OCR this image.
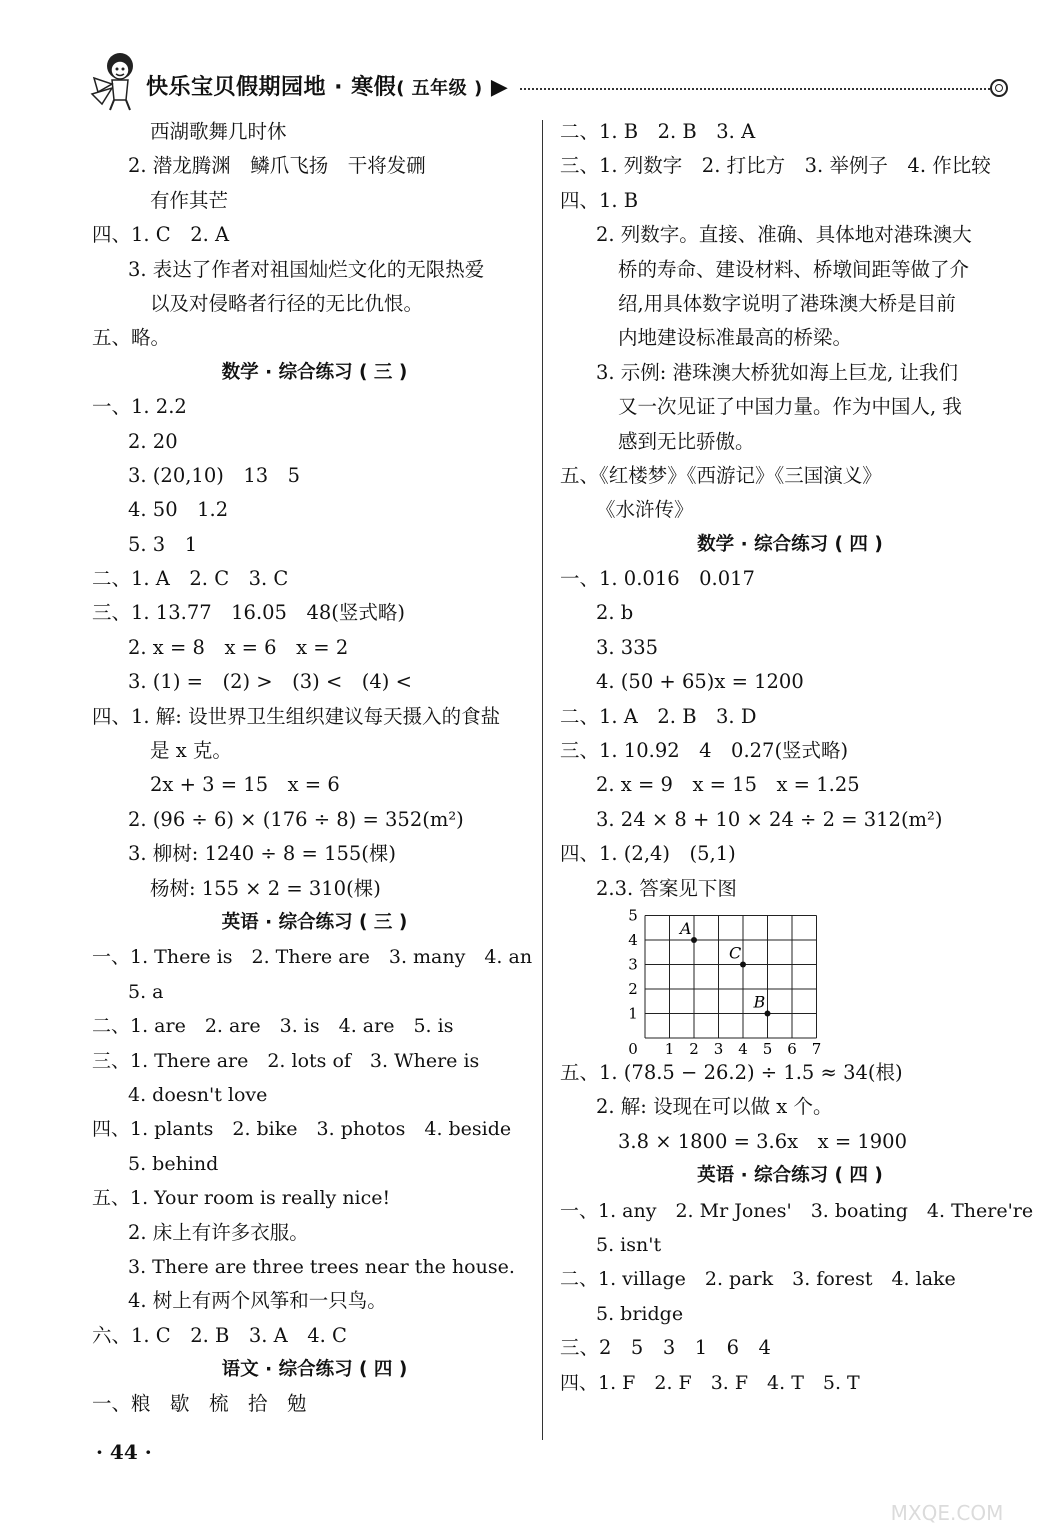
快乐宝贝假期园地 · 寒假( 五年级 ) ▶
西湖歌舞几时休
2. 潜龙腾渊　鳞爪飞扬　干将发硎
有作其芒
四、1. C　2. A
3. 表达了作者对祖国灿烂文化的无限热爱
以及对侵略者行径的无比仇恨。
五、略。
数学 · 综合练习 ( 三 )
一、1. 2.2
2. 20
3. (20,10)　13　5
4. 50　1.2
5. 3　1
二、1. A　2. C　3. C
三、1. 13.77　16.05　48(竖式略)
2. x = 8　x = 6　x = 2
3. (1) =　(2) >　(3) <　(4) <
四、1. 解: 设世界卫生组织建议每天摄入的食盐
是 x 克。
2x + 3 = 15　x = 6
2. (96 ÷ 6) × (176 ÷ 8) = 352(m²)
3. 柳树: 1240 ÷ 8 = 155(棵)
杨树: 155 × 2 = 310(棵)
英语 · 综合练习 ( 三 )
一、1. There is　2. There are　3. many　4. an
5. a
二、1. are　2. are　3. is　4. are　5. is
三、1. There are　2. lots of　3. Where is
4. doesn't love
四、1. plants　2. bike　3. photos　4. beside
5. behind
五、1. Your room is really nice!
2. 床上有许多衣服。
3. There are three trees near the house.
4. 树上有两个风筝和一只鸟。
六、1. C　2. B　3. A　4. C
语文 · 综合练习 ( 四 )
一、粮　歇　梳　拾　勉
二、1. B　2. B　3. A
三、1. 列数字　2. 打比方　3. 举例子　4. 作比较
四、1. B
2. 列数字。直接、准确、具体地对港珠澳大
桥的寿命、建设材料、桥墩间距等做了介
绍,用具体数字说明了港珠澳大桥是目前
内地建设标准最高的桥梁。
3. 示例: 港珠澳大桥犹如海上巨龙, 让我们
又一次见证了中国力量。作为中国人, 我
感到无比骄傲。
五、《红楼梦》《西游记》《三国演义》
《水浒传》
数学 · 综合练习 ( 四 )
一、1. 0.016　0.017
2. b
3. 335
4. (50 + 65)x = 1200
二、1. A　2. B　3. D
三、1. 10.92　4　0.27(竖式略)
2. x = 9　x = 15　x = 1.25
3. 24 × 8 + 10 × 24 ÷ 2 = 312(m²)
四、1. (2,4)　(5,1)
2.3. 答案见下图
0 1 2 3 4 5 6 7
1
2
3
4
5
A
C
B
五、1. (78.5 − 26.2) ÷ 1.5 ≈ 34(根)
2. 解: 设现在可以做 x 个。
3.8 × 1800 = 3.6x　x = 1900
英语 · 综合练习 ( 四 )
一、1. any　2. Mr Jones'　3. boating　4. There're
5. isn't
二、1. village　2. park　3. forest　4. lake
5. bridge
三、2　5　3　1　6　4
四、1. F　2. F　3. F　4. T　5. T
· 44 ·
MXQE.COM
